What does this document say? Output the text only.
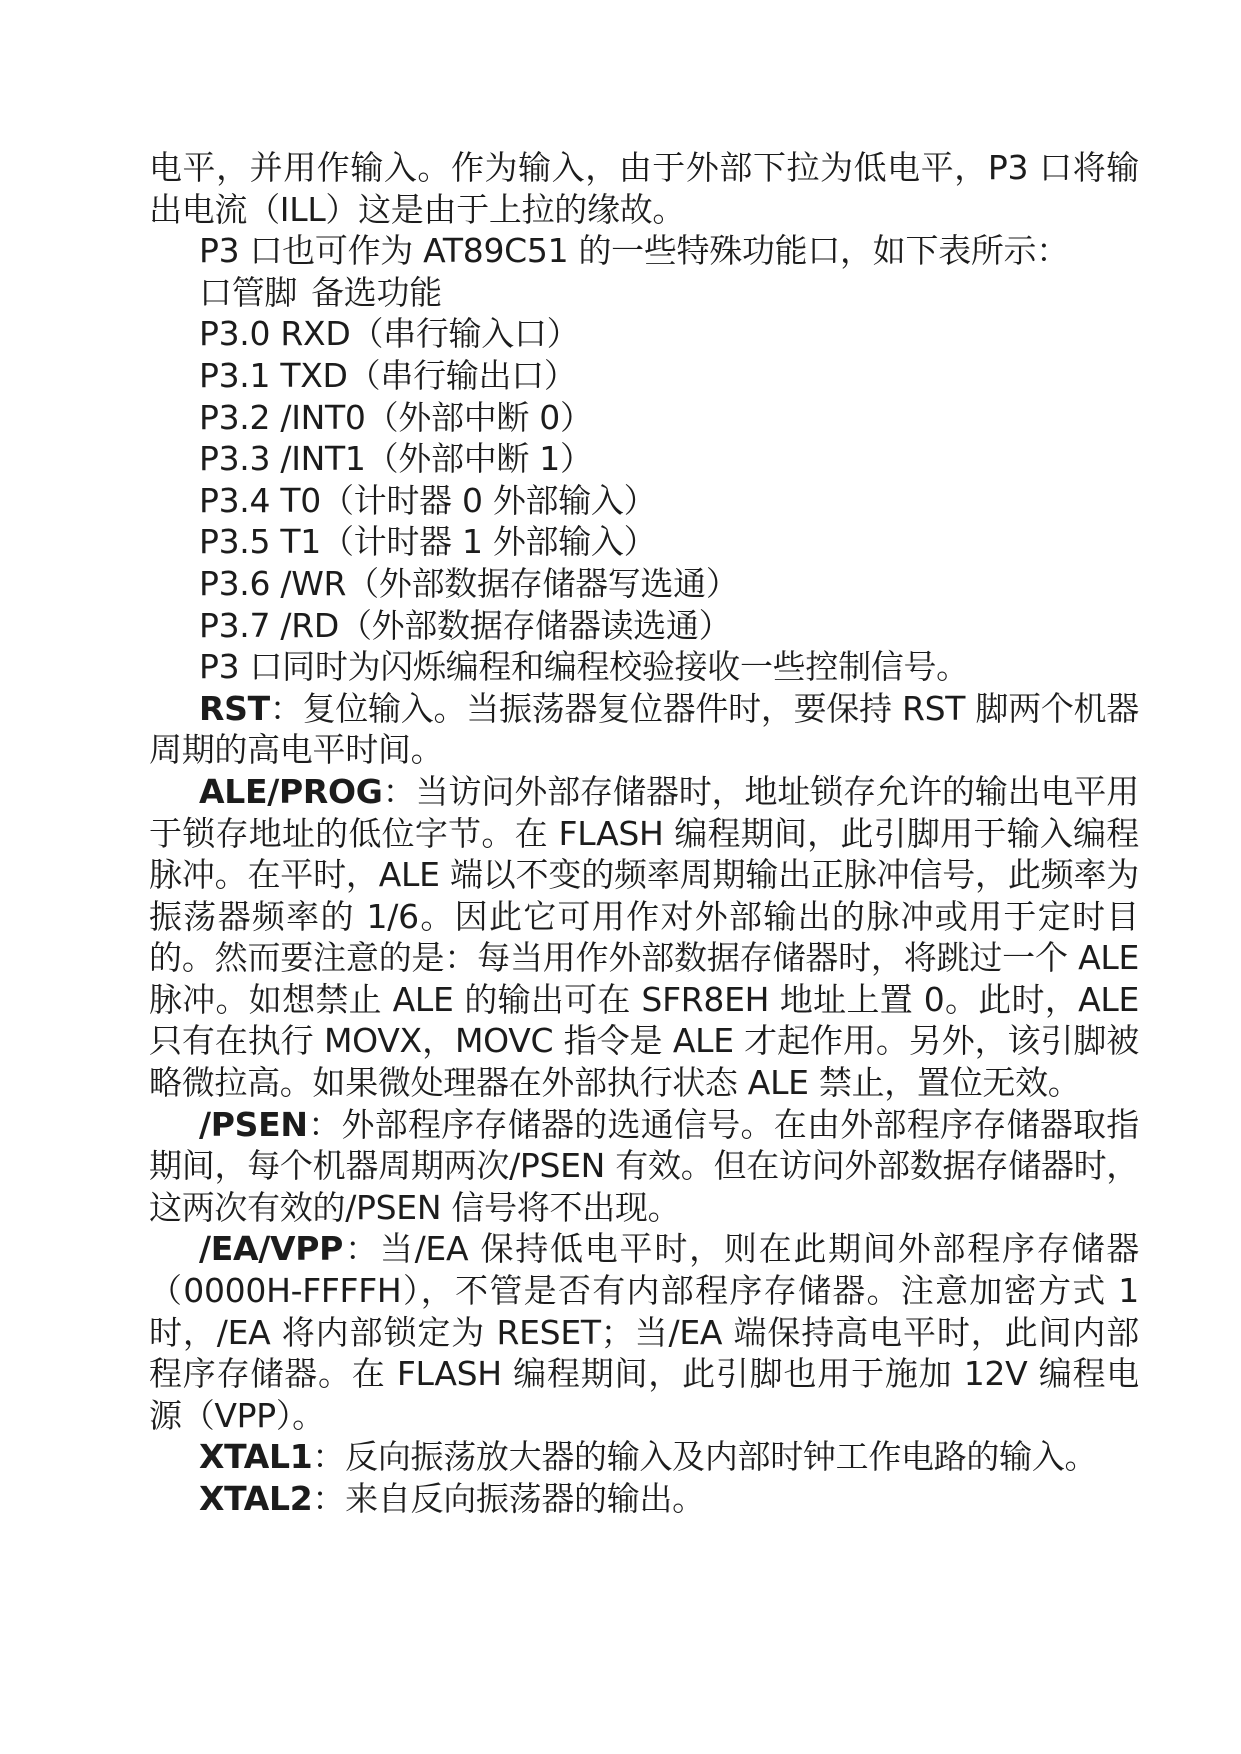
电平，并用作输入。作为输入，由于外部下拉为低电平，P3 口将输出电流（ILL）这是由于上拉的缘故。

P3 口也可作为 AT89C51 的一些特殊功能口，如下表所示：

口管脚 备选功能
P3.0 RXD（串行输入口）
P3.1 TXD（串行输出口）
P3.2 /INT0（外部中断 0）
P3.3 /INT1（外部中断 1）
P3.4 T0（计时器 0 外部输入）
P3.5 T1（计时器 1 外部输入）
P3.6 /WR（外部数据存储器写选通）
P3.7 /RD（外部数据存储器读选通）

P3 口同时为闪烁编程和编程校验接收一些控制信号。

RST：复位输入。当振荡器复位器件时，要保持 RST 脚两个机器周期的高电平时间。

ALE/PROG：当访问外部存储器时，地址锁存允许的输出电平用于锁存地址的低位字节。在 FLASH 编程期间，此引脚用于输入编程脉冲。在平时，ALE 端以不变的频率周期输出正脉冲信号，此频率为振荡器频率的 1/6。因此它可用作对外部输出的脉冲或用于定时目的。然而要注意的是：每当用作外部数据存储器时，将跳过一个 ALE 脉冲。如想禁止 ALE 的输出可在 SFR8EH 地址上置 0。此时，ALE 只有在执行 MOVX，MOVC 指令是 ALE 才起作用。另外，该引脚被略微拉高。如果微处理器在外部执行状态 ALE 禁止，置位无效。

/PSEN：外部程序存储器的选通信号。在由外部程序存储器取指期间，每个机器周期两次/PSEN 有效。但在访问外部数据存储器时，这两次有效的/PSEN 信号将不出现。

/EA/VPP：当/EA 保持低电平时，则在此期间外部程序存储器（0000H-FFFFH），不管是否有内部程序存储器。注意加密方式 1 时，/EA 将内部锁定为 RESET；当/EA 端保持高电平时，此间内部程序存储器。在 FLASH 编程期间，此引脚也用于施加 12V 编程电源（VPP）。

XTAL1：反向振荡放大器的输入及内部时钟工作电路的输入。

XTAL2：来自反向振荡器的输出。
